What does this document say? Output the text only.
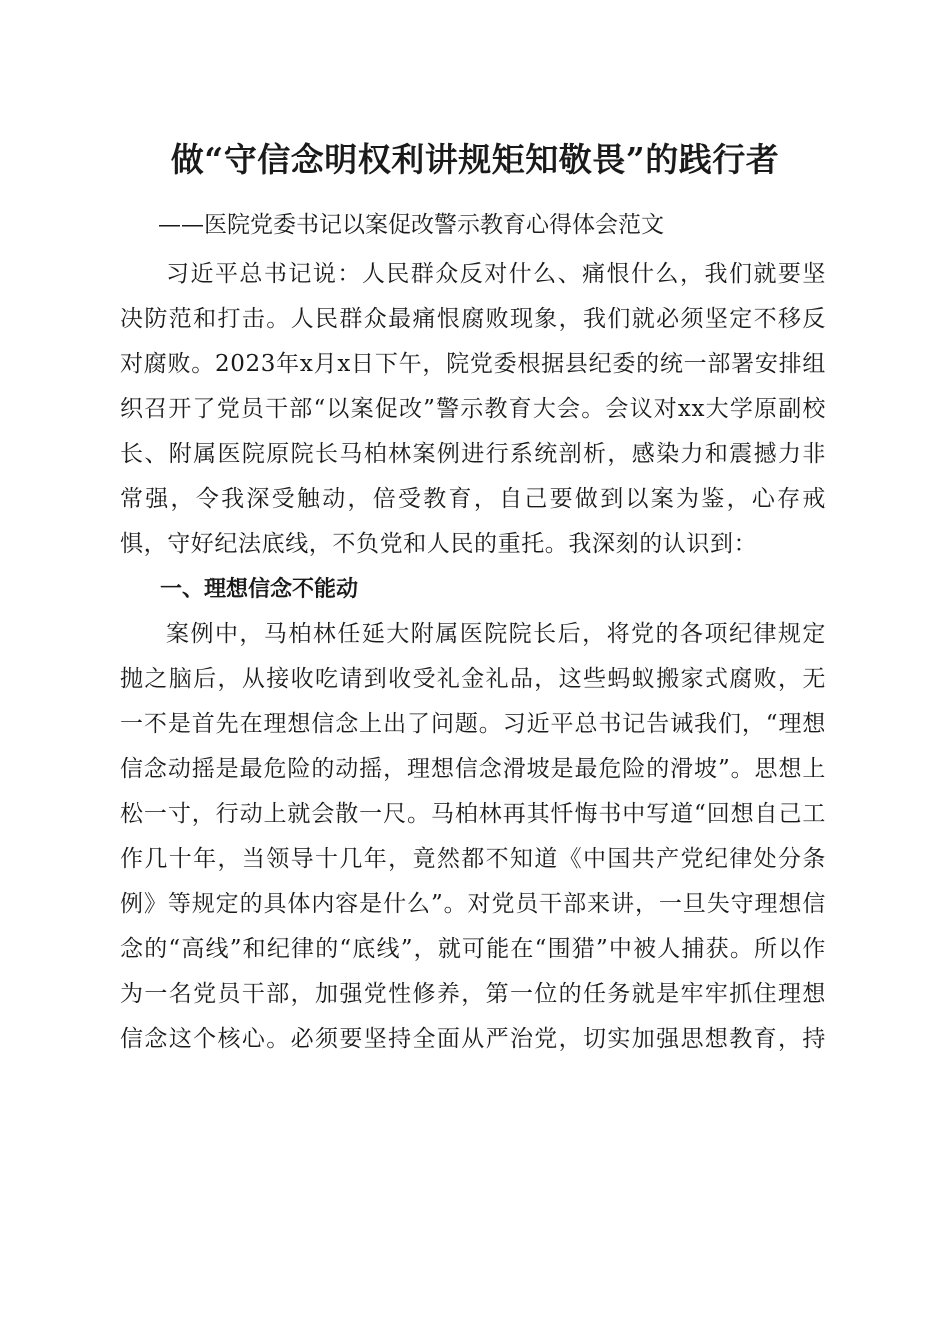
做“守信念明权利讲规矩知敬畏”的践行者

——医院党委书记以案促改警示教育心得体会范文

习近平总书记说：人民群众反对什么、痛恨什么，我们就要坚决防范和打击。人民群众最痛恨腐败现象，我们就必须坚定不移反对腐败。2023年x月x日下午，院党委根据县纪委的统一部署安排组织召开了党员干部“以案促改”警示教育大会。会议对xx大学原副校长、附属医院原院长马柏林案例进行系统剖析，感染力和震撼力非常强，令我深受触动，倍受教育，自己要做到以案为鉴，心存戒惧，守好纪法底线，不负党和人民的重托。我深刻的认识到：

一、理想信念不能动

案例中，马柏林任延大附属医院院长后，将党的各项纪律规定抛之脑后，从接收吃请到收受礼金礼品，这些蚂蚁搬家式腐败，无一不是首先在理想信念上出了问题。习近平总书记告诫我们，“理想信念动摇是最危险的动摇，理想信念滑坡是最危险的滑坡”。思想上松一寸，行动上就会散一尺。马柏林再其忏悔书中写道“回想自己工作几十年，当领导十几年，竟然都不知道《中国共产党纪律处分条例》等规定的具体内容是什么”。对党员干部来讲，一旦失守理想信念的“高线”和纪律的“底线”，就可能在“围猎”中被人捕获。所以作为一名党员干部，加强党性修养，第一位的任务就是牢牢抓住理想信念这个核心。必须要坚持全面从严治党，切实加强思想教育，持
